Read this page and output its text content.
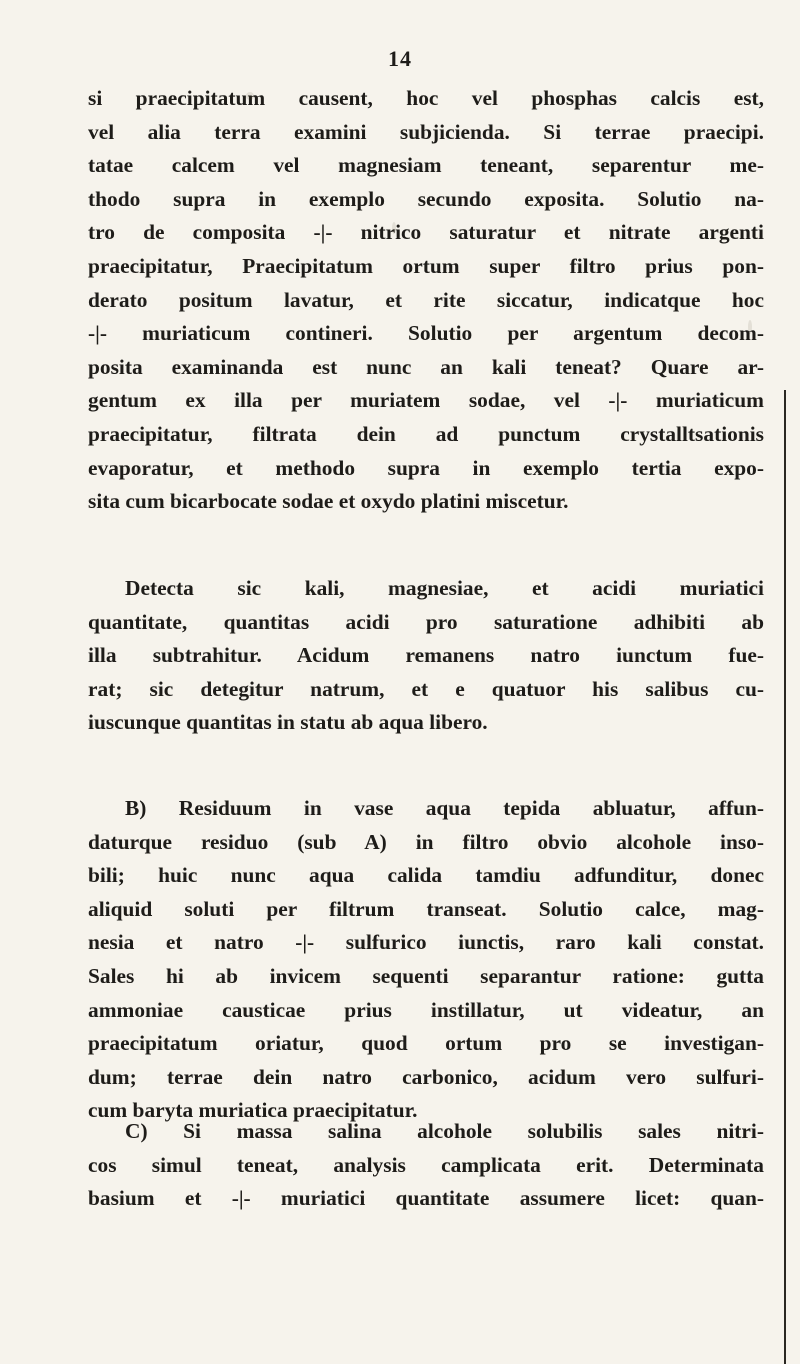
14
si praecipitatum causent, hoc vel phosphas calcis est,
vel alia terra examini subjicienda. Si terrae praecipi.
tatae calcem vel magnesiam teneant, separentur me-
thodo supra in exemplo secundo exposita. Solutio na-
tro de composita -|- nitrico saturatur et nitrate argenti
praecipitatur, Praecipitatum ortum super filtro prius pon-
derato positum lavatur, et rite siccatur, indicatque hoc
-|- muriaticum contineri. Solutio per argentum decom-
posita examinanda est nunc an kali teneat? Quare ar-
gentum ex illa per muriatem sodae, vel -|- muriaticum
praecipitatur, filtrata dein ad punctum crystalltsationis
evaporatur, et methodo supra in exemplo tertia expo-
sita cum bicarbocate sodae et oxydo platini miscetur.
Detecta sic kali, magnesiae, et acidi muriatici
quantitate, quantitas acidi pro saturatione adhibiti ab
illa subtrahitur. Acidum remanens natro iunctum fue-
rat; sic detegitur natrum, et e quatuor his salibus cu-
iuscunque quantitas in statu ab aqua libero.
B) Residuum in vase aqua tepida abluatur, affun-
daturque residuo (sub A) in filtro obvio alcohole inso-
bili; huic nunc aqua calida tamdiu adfunditur, donec
aliquid soluti per filtrum transeat. Solutio calce, mag-
nesia et natro -|- sulfurico iunctis, raro kali constat.
Sales hi ab invicem sequenti separantur ratione: gutta
ammoniae causticae prius instillatur, ut videatur, an
praecipitatum oriatur, quod ortum pro se investigan-
dum; terrae dein natro carbonico, acidum vero sulfuri-
cum baryta muriatica praecipitatur.
C) Si massa salina alcohole solubilis sales nitri-
cos simul teneat, analysis camplicata erit. Determinata
basium et -|- muriatici quantitate assumere licet: quan-
